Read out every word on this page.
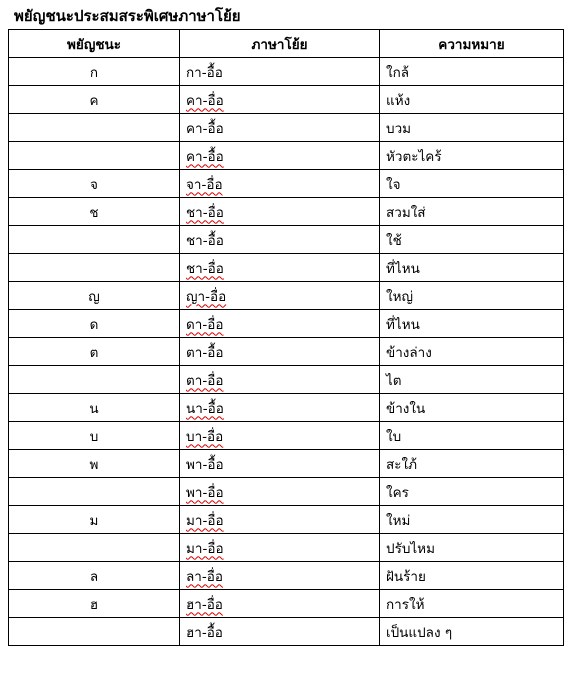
พยัญชนะประสมสระพิเศษภาษาโย้ย
พยัญชนะ	ภาษาโย้ย	ความหมาย
ก	กา-อื้อ	ใกล้
ค	คา-อื่อ	แห้ง
	คา-อื้อ	บวม
	คา-อื้อ	หัวตะไคร้
จ	จา-อื่อ	ใจ
ช	ชา-อื่อ	สวมใส่
	ชา-อื้อ	ใช้
	ชา-อื่อ	ที่ไหน
ญ	ญา-อื่อ	ใหญ่
ด	ดา-อื่อ	ที่ไหน
ต	ตา-อื้อ	ข้างล่าง
	ตา-อื่อ	ไต
น	นา-อื้อ	ข้างใน
บ	บา-อื่อ	ใบ
พ	พา-อื้อ	สะใภ้
	พา-อื่อ	ใคร
ม	มา-อื่อ	ใหม่
	มา-อื่อ	ปรับไหม
ล	ลา-อื่อ	ฝันร้าย
ฮ	ฮา-อื่อ	การให้
	ฮา-อื้อ	เป็นแปลง ๆ
